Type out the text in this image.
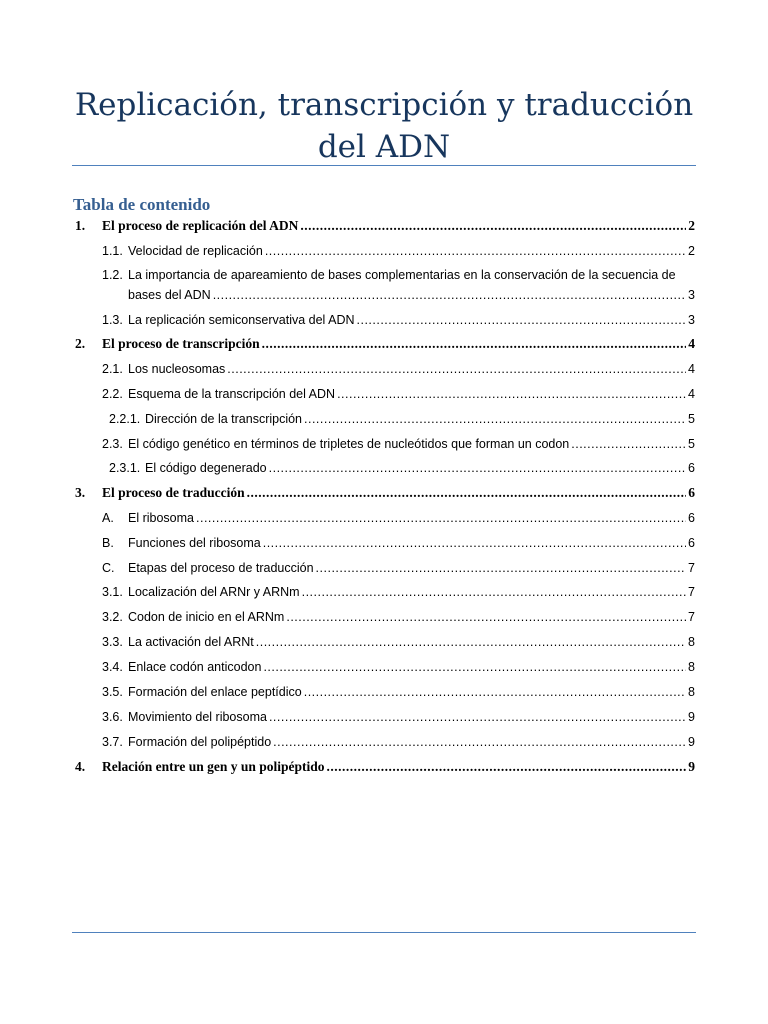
Replicación, transcripción y traducción del ADN
Tabla de contenido
1.	El proceso de replicación del ADN .....	2
1.1. Velocidad de replicación .....	2
1.2. La importancia de apareamiento de bases complementarias en la conservación de la secuencia de
bases del ADN .....	3
1.3. La replicación semiconservativa del ADN .....	3
2.	El proceso de transcripción .....	4
2.1. Los nucleosomas .....	4
2.2. Esquema de la transcripción del ADN .....	4
2.2.1. Dirección de la transcripción .....	5
2.3. El código genético en términos de tripletes de nucleótidos que forman un codon .....	5
2.3.1. El código degenerado .....	6
3.	El proceso de traducción .....	6
A.	El ribosoma .....	6
B.	Funciones del ribosoma .....	6
C.	Etapas del proceso de traducción .....	7
3.1. Localización del ARNr y ARNm .....	7
3.2. Codon de inicio en el ARNm .....	7
3.3. La activación del ARNt .....	8
3.4. Enlace codón anticodon .....	8
3.5. Formación del enlace peptídico .....	8
3.6. Movimiento del ribosoma .....	9
3.7. Formación del polipéptido .....	9
4.	Relación entre un gen y un polipéptido .....	9
